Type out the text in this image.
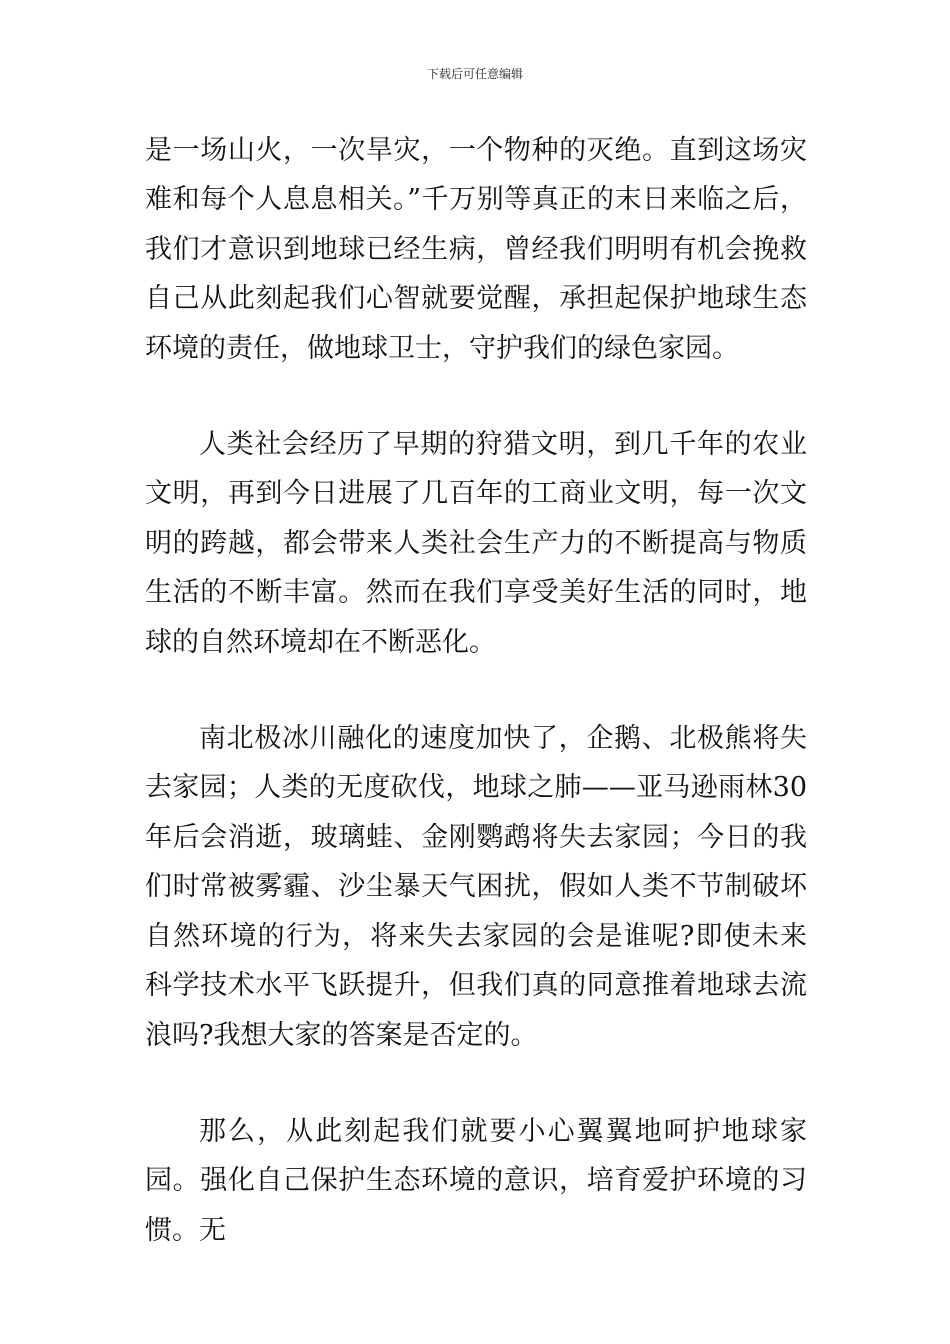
下载后可任意编辑

是一场山火，一次旱灾，一个物种的灭绝。直到这场灾难和每个人息息相关。”千万别等真正的末日来临之后，我们才意识到地球已经生病，曾经我们明明有机会挽救自己从此刻起我们心智就要觉醒，承担起保护地球生态环境的责任，做地球卫士，守护我们的绿色家园。

人类社会经历了早期的狩猎文明，到几千年的农业文明，再到今日进展了几百年的工商业文明，每一次文明的跨越，都会带来人类社会生产力的不断提高与物质生活的不断丰富。然而在我们享受美好生活的同时，地球的自然环境却在不断恶化。

南北极冰川融化的速度加快了，企鹅、北极熊将失去家园；人类的无度砍伐，地球之肺——亚马逊雨林30年后会消逝，玻璃蛙、金刚鹦鹉将失去家园；今日的我们时常被雾霾、沙尘暴天气困扰，假如人类不节制破坏自然环境的行为，将来失去家园的会是谁呢?即使未来科学技术水平飞跃提升，但我们真的同意推着地球去流浪吗?我想大家的答案是否定的。

那么，从此刻起我们就要小心翼翼地呵护地球家园。强化自己保护生态环境的意识，培育爱护环境的习惯。无
